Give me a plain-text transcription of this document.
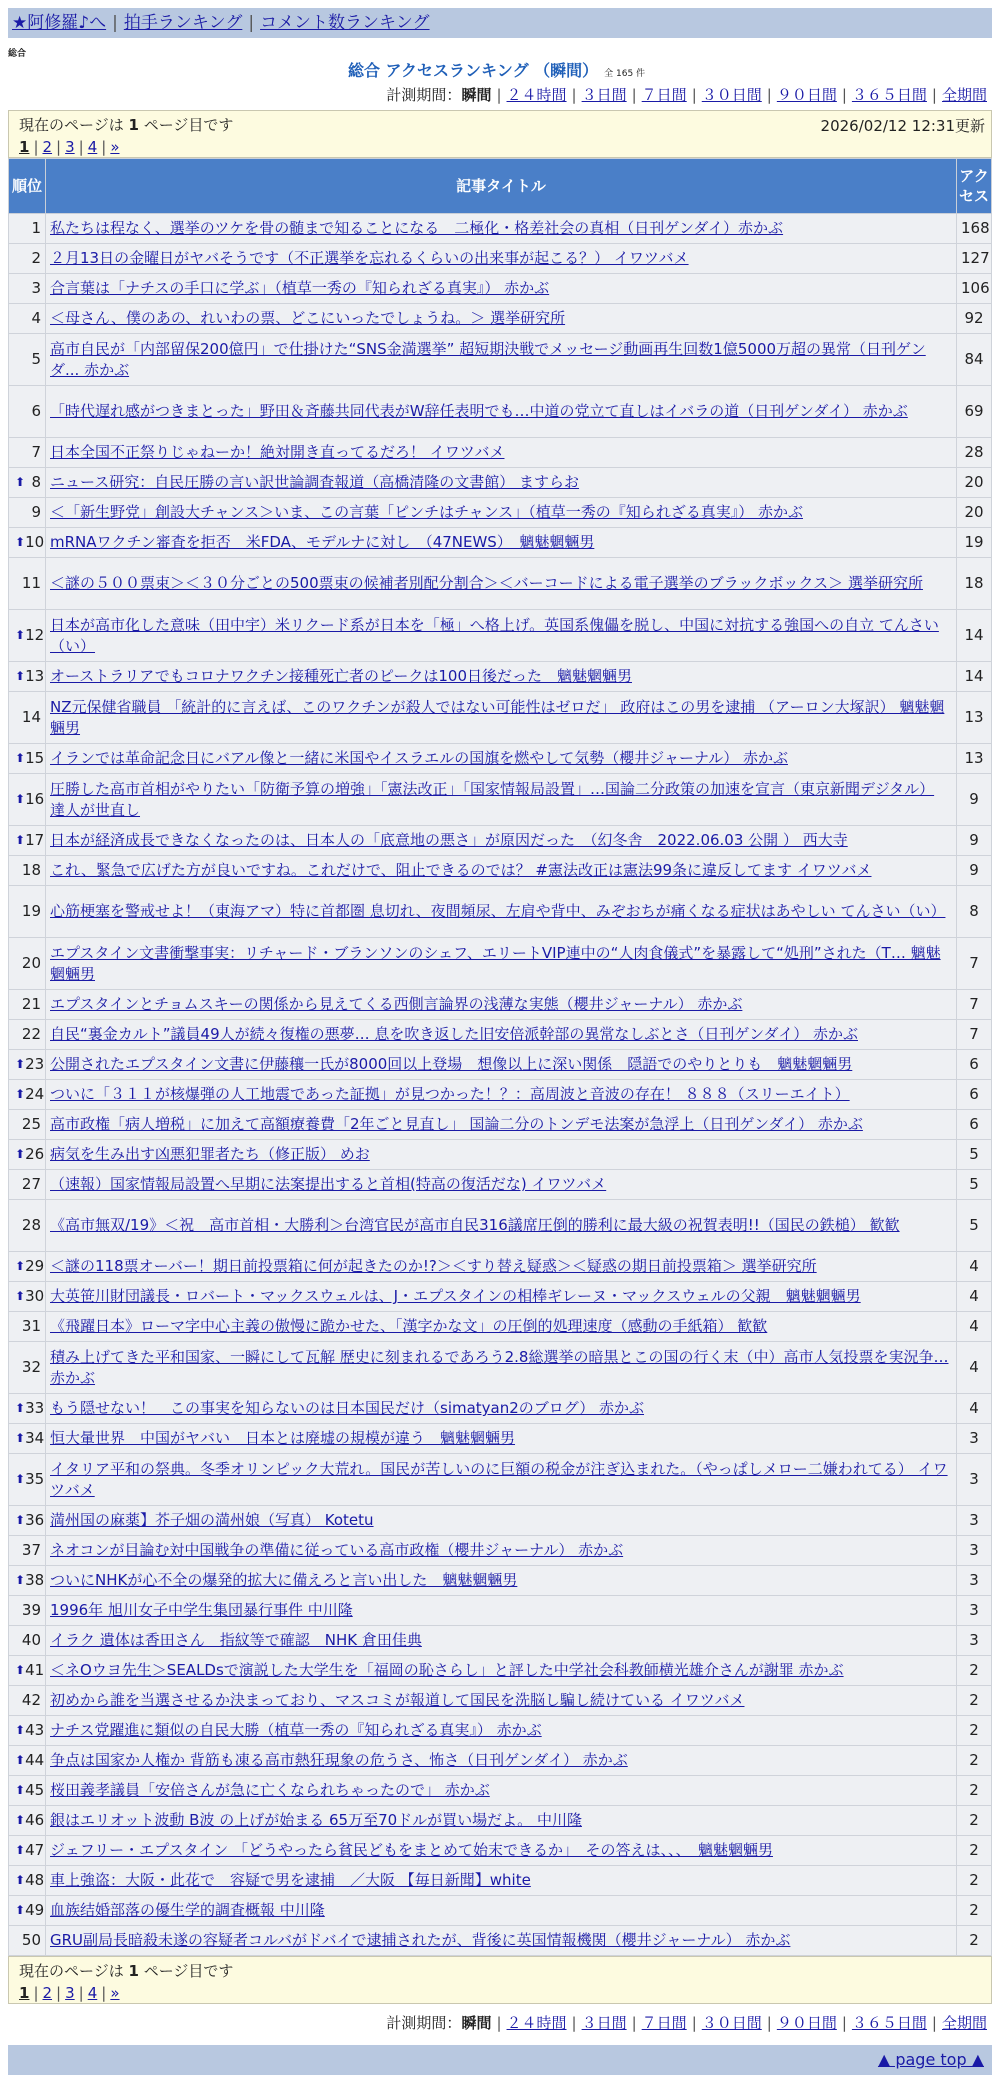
★阿修羅♪へ | 拍手ランキング | コメント数ランキング
総合
総合 アクセスランキング （瞬間） 全 165 件
計測期間：瞬間 | ２４時間 | ３日間 | ７日間 | ３０日間 | ９０日間 | ３６５日間 | 全期間
現在のページは 1 ページ目です	2026/02/12 12:31更新
1 | 2 | 3 | 4 | »
順位	記事タイトル	アクセス
1	私たちは程なく、選挙のツケを骨の髄まで知ることになる　二極化・格差社会の真相（日刊ゲンダイ）赤かぶ	168
2	２月13日の金曜日がヤバそうです（不正選挙を忘れるくらいの出来事が起こる？） イワツバメ	127
3	合言葉は「ナチスの手口に学ぶ」（植草一秀の『知られざる真実』） 赤かぶ	106
4	＜母さん、僕のあの、れいわの票、どこにいったでしょうね。＞ 選挙研究所	92
5	高市自民が「内部留保200億円」で仕掛けた“SNS金満選挙” 超短期決戦でメッセージ動画再生回数1億5000万超の異常（日刊ゲンダ... 赤かぶ	84
6	「時代遅れ感がつきまとった」野田＆斉藤共同代表がW辞任表明でも…中道の党立て直しはイバラの道（日刊ゲンダイ） 赤かぶ	69
7	日本全国不正祭りじゃねーか！絶対開き直ってるだろ！ イワツバメ	28

⬆ 8	ニュース研究：自民圧勝の言い訳世論調査報道（高橋清隆の文書館） ますらお	20
9	＜「新生野党」創設大チャンス＞いま、この言葉「ピンチはチャンス」（植草一秀の『知られざる真実』） 赤かぶ	20

⬆ 10	mRNAワクチン審査を拒否　米FDA、モデルナに対し　（47NEWS）　魑魅魍魎男	19
11	＜謎の５００票束＞＜３０分ごとの500票束の候補者別配分割合＞＜バーコードによる電子選挙のブラックボックス＞ 選挙研究所	18

⬆ 12	日本が高市化した意味（田中宇）米リクード系が日本を「極」へ格上げ。英国系傀儡を脱し、中国に対抗する強国への自立 てんさい（い）	14

⬆ 13	オーストラリアでもコロナワクチン接種死亡者のピークは100日後だった　魑魅魍魎男	14
14	NZ元保健省職員 「統計的に言えば、このワクチンが殺人ではない可能性はゼロだ」 政府はこの男を逮捕 （アーロン大塚訳） 魑魅魍魎男	13

⬆ 15	イランでは革命記念日にバアル像と一緒に米国やイスラエルの国旗を燃やして気勢（櫻井ジャーナル） 赤かぶ	13

⬆ 16	圧勝した高市首相がやりたい「防衛予算の増強」「憲法改正」「国家情報局設置」…国論二分政策の加速を宣言（東京新聞デジタル） 達人が世直し	9

⬆ 17	日本が経済成長できなくなったのは、日本人の「底意地の悪さ」が原因だった　（幻冬舎　2022.06.03 公開 ） 西大寺	9
18	これ、緊急で広げた方が良いですね。これだけで、阻止できるのでは？ #憲法改正は憲法99条に違反してます イワツバメ	9
19	心筋梗塞を警戒せよ！（東海アマ）特に首都圏 息切れ、夜間頻尿、左肩や背中、みぞおちが痛くなる症状はあやしい てんさい（い）	8
20	エプスタイン文書衝撃事実：リチャード・ブランソンのシェフ、エリートVIP連中の“人肉食儀式”を暴露して“処刑”された（T… 魑魅魍魎男	7
21	エプスタインとチョムスキーの関係から見えてくる西側言論界の浅薄な実態（櫻井ジャーナル） 赤かぶ	7
22	自民“裏金カルト”議員49人が続々復権の悪夢… 息を吹き返した旧安倍派幹部の異常なしぶとさ（日刊ゲンダイ） 赤かぶ	7

⬆ 23	公開されたエプスタイン文書に伊藤穰一氏が8000回以上登場　想像以上に深い関係　隠語でのやりとりも　魑魅魍魎男	6

⬆ 24	ついに「３１１が核爆弾の人工地震であった証拠」が見つかった！？：高周波と音波の存在！ ８８８（スリーエイト）	6
25	高市政権「病人増税」に加えて高額療養費「2年ごと見直し」 国論二分のトンデモ法案が急浮上（日刊ゲンダイ） 赤かぶ	6

⬆ 26	病気を生み出す凶悪犯罪者たち（修正版） めお	5
27	（速報）国家情報局設置へ早期に法案提出すると首相(特高の復活だな) イワツバメ	5
28	《高市無双/19》＜祝　高市首相・大勝利＞台湾官民が高市自民316議席圧倒的勝利に最大級の祝賀表明!!（国民の鉄槌） 歓歓	5

⬆ 29	＜謎の118票オーバー！期日前投票箱に何が起きたのか!?＞＜すり替え疑惑＞＜疑惑の期日前投票箱＞ 選挙研究所	4

⬆ 30	大英笹川財団議長・ロバート・マックスウェルは、J・エプスタインの相棒ギレーヌ・マックスウェルの父親　魑魅魍魎男	4
31	《飛躍日本》ローマ字中心主義の傲慢に跪かせた、「漢字かな文」の圧倒的処理速度（感動の手紙箱） 歓歓	4
32	積み上げてきた平和国家、一瞬にして瓦解 歴史に刻まれるであろう2.8総選挙の暗黒とこの国の行く末（中）高市人気投票を実況争… 赤かぶ	4

⬆ 33	もう隠せない！　この事実を知らないのは日本国民だけ（simatyan2のブログ） 赤かぶ	4

⬆ 34	恒大暈世界　中国がヤバい　日本とは廃墟の規模が違う　魑魅魍魎男	3

⬆ 35	イタリア平和の祭典。冬季オリンピック大荒れ。国民が苦しいのに巨額の税金が注ぎ込まれた。（やっぱしメロー二嫌われてる） イワツバメ	3

⬆ 36	満州国の麻薬】芥子畑の満州娘（写真） Kotetu	3
37	ネオコンが目論む対中国戦争の準備に従っている高市政権（櫻井ジャーナル） 赤かぶ	3

⬆ 38	ついにNHKが心不全の爆発的拡大に備えろと言い出した　魑魅魍魎男	3
39	1996年 旭川女子中学生集団暴行事件 中川隆	3
40	イラク 遺体は香田さん　指紋等で確認　NHK 倉田佳典	3

⬆ 41	＜ネOウヨ先生＞SEALDsで演説した大学生を「福岡の恥さらし」と評した中学社会科教師横光雄介さんが謝罪 赤かぶ	2
42	初めから誰を当選させるか決まっており、マスコミが報道して国民を洗脳し騙し続けている イワツバメ	2

⬆ 43	ナチス党躍進に類似の自民大勝（植草一秀の『知られざる真実』） 赤かぶ	2

⬆ 44	争点は国家か人権か 背筋も凍る高市熱狂現象の危うさ、怖さ（日刊ゲンダイ） 赤かぶ	2

⬆ 45	桜田義孝議員「安倍さんが急に亡くなられちゃったので」 赤かぶ	2

⬆ 46	銀はエリオット波動 B波 の上げが始まる 65万至70ドルが買い場だよ。 中川隆	2

⬆ 47	ジェフリー・エプスタイン 「どうやったら貧民どもをまとめて始末できるか」　その答えは、、、　魑魅魍魎男	2

⬆ 48	車上強盗：大阪・此花で　容疑で男を逮捕　／大阪 【毎日新聞】white	2

⬆ 49	血族结婚部落の優生学的調査概報 中川隆	2
50	GRU副局長暗殺未遂の容疑者コルバがドバイで逮捕されたが、背後に英国情報機関（櫻井ジャーナル） 赤かぶ	2
現在のページは 1 ページ目です
1 | 2 | 3 | 4 | »
計測期間：瞬間 | ２４時間 | ３日間 | ７日間 | ３０日間 | ９０日間 | ３６５日間 | 全期間
▲ page top ▲
